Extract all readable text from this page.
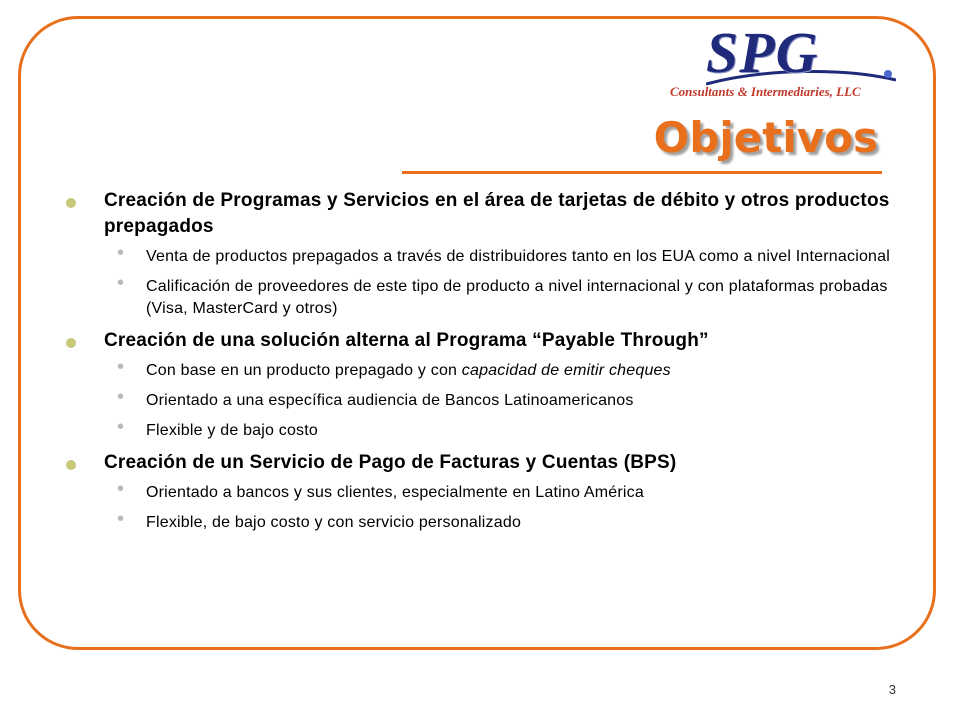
SPG
Consultants & Intermediaries, LLC
Objetivos
Creación de Programas y Servicios en el área de tarjetas de débito y otros productos prepagados
• Venta de productos prepagados a través de distribuidores tanto en los EUA como a nivel Internacional
• Calificación de proveedores de este tipo de producto a nivel internacional y con plataformas probadas (Visa, MasterCard y otros)
Creación de una solución alterna al Programa “Payable Through”
• Con base en un producto prepagado y con capacidad de emitir cheques
• Orientado a una específica audiencia de Bancos Latinoamericanos
• Flexible y de bajo costo
Creación de un Servicio de Pago de Facturas y Cuentas (BPS)
• Orientado a bancos y sus clientes, especialmente en Latino América
• Flexible, de bajo costo y con servicio personalizado
3
